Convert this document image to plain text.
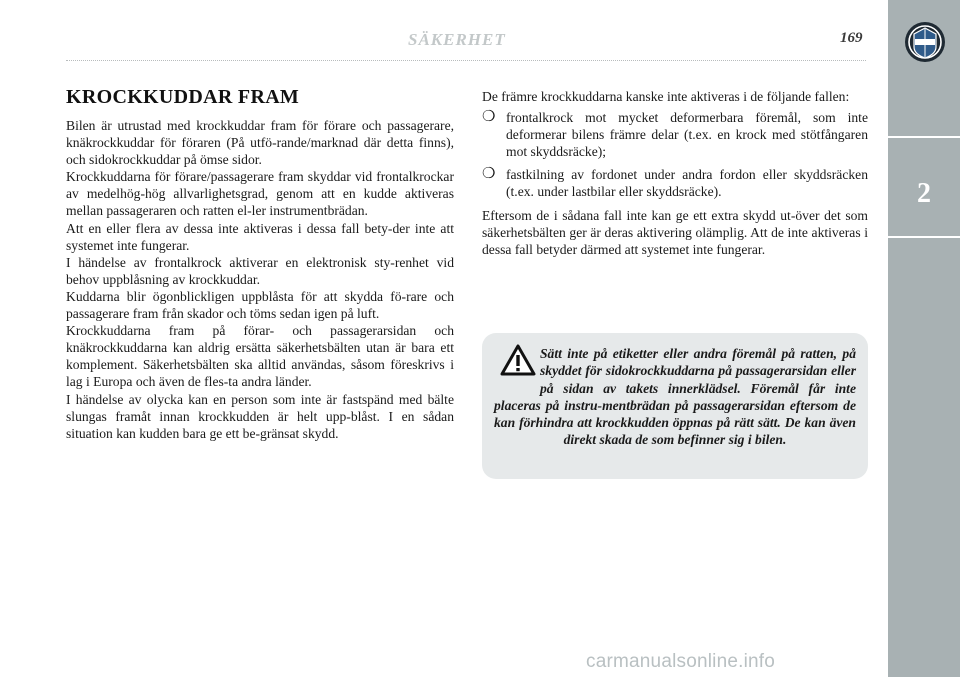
SÄKERHET	169
2
KROCKKUDDAR FRAM

Bilen är utrustad med krockkuddar fram för förare och passagerare, knäkrockkuddar för föraren (På utfö-rande/marknad där detta finns), och sidokrockkuddar på ömse sidor.

Krockkuddarna för förare/passagerare fram skyddar vid frontalkrockar av medelhög-hög allvarlighetsgrad, genom att en kudde aktiveras mellan passageraren och ratten el-ler instrumentbrädan.

Att en eller flera av dessa inte aktiveras i dessa fall bety-der inte att systemet inte fungerar.

I händelse av frontalkrock aktiverar en elektronisk sty-renhet vid behov uppblåsning av krockkuddar.

Kuddarna blir ögonblickligen uppblåsta för att skydda fö-rare och passagerare fram från skador och töms sedan igen på luft.

Krockkuddarna fram på förar- och passagerarsidan och knäkrockkuddarna kan aldrig ersätta säkerhetsbälten utan är bara ett komplement. Säkerhetsbälten ska alltid användas, såsom föreskrivs i lag i Europa och även de fles-ta andra länder.

I händelse av olycka kan en person som inte är fastspänd med bälte slungas framåt innan krockkudden är helt upp-blåst. I en sådan situation kan kudden bara ge ett be-gränsat skydd.

De främre krockkuddarna kanske inte aktiveras i de följande fallen:

❍ frontalkrock mot mycket deformerbara föremål, som inte deformerar bilens främre delar (t.ex. en krock med stötfångaren mot skyddsräcke);
❍ fastkilning av fordonet under andra fordon eller skyddsräcken (t.ex. under lastbilar eller skyddsräcke).

Eftersom de i sådana fall inte kan ge ett extra skydd ut-över det som säkerhetsbälten ger är deras aktivering olämplig. Att de inte aktiveras i dessa fall betyder därmed att systemet inte fungerar.

Sätt inte på etiketter eller andra föremål på ratten, på skyddet för sidokrockkuddarna på passagerarsidan eller på sidan av takets innerklädsel. Föremål får inte placeras på instru-mentbrädan på passagerarsidan eftersom de kan förhindra att krockkudden öppnas på rätt sätt. De kan även direkt skada de som befinner sig i bilen.

carmanualsonline.info
